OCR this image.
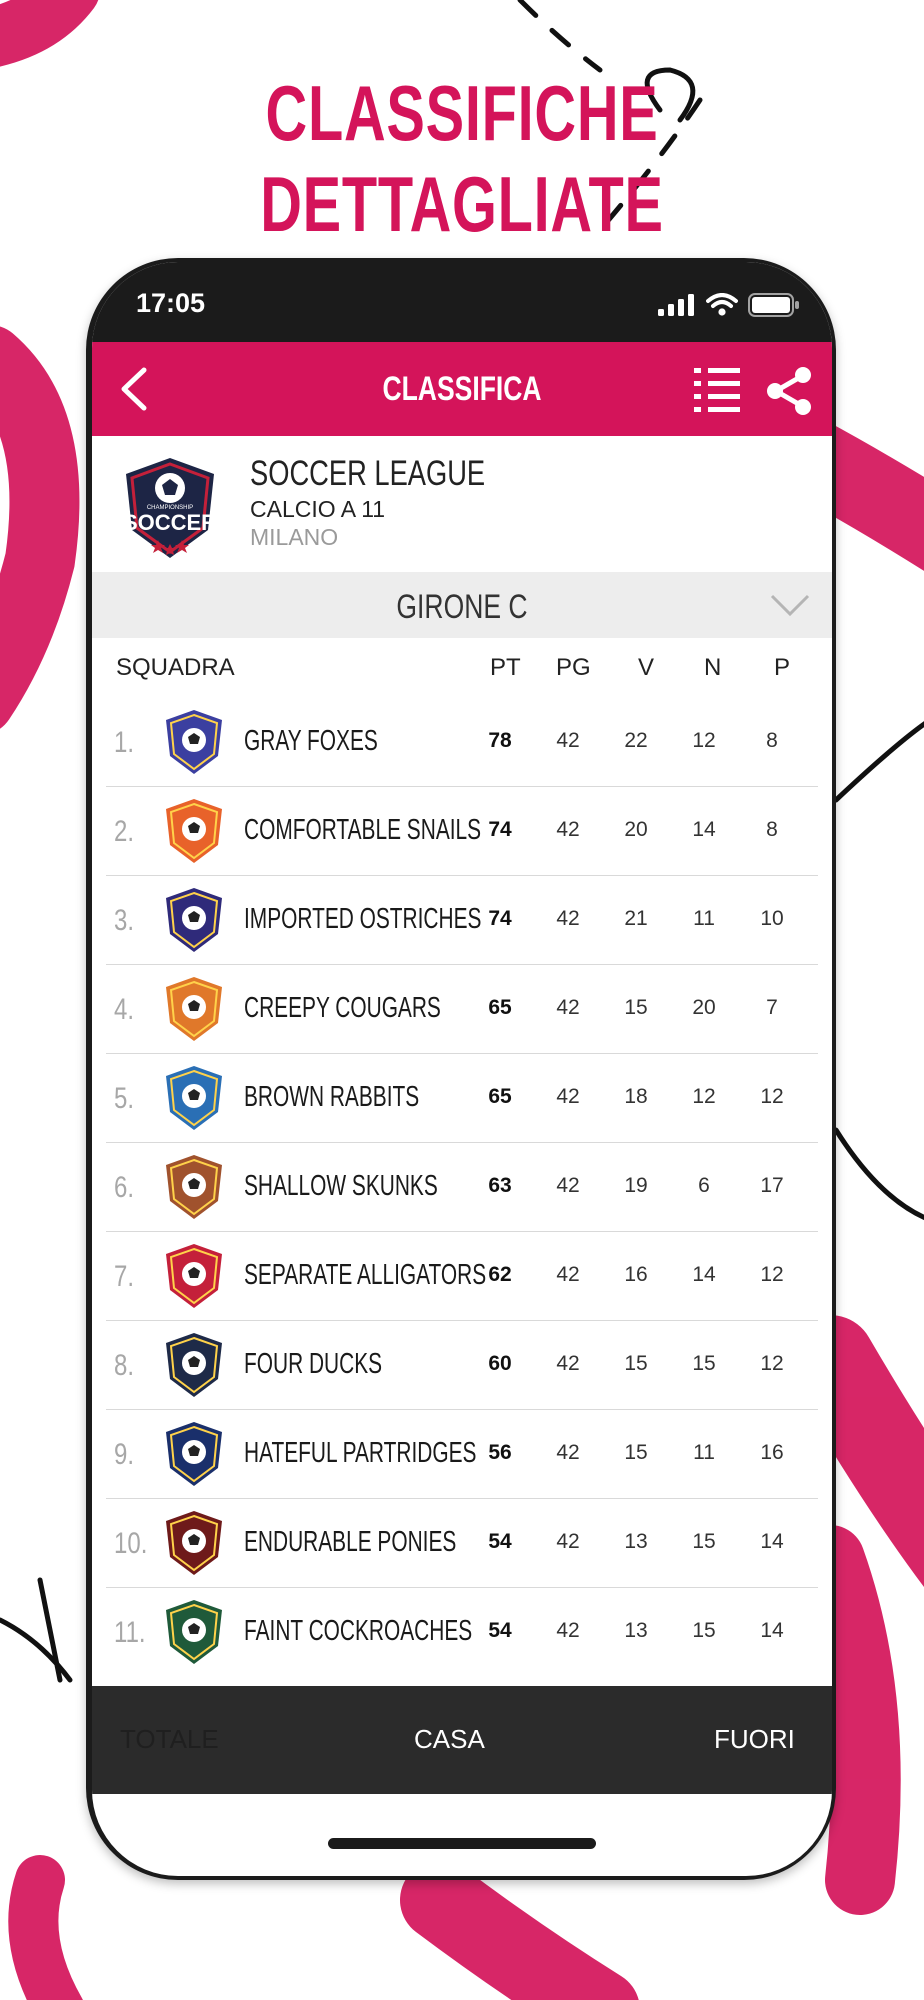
CLASSIFICHE DETTAGLIATE
17:05
CLASSIFICA
CHAMPIONSHIP
SOCCER
SOCCER LEAGUE
CALCIO A 11
MILANO
GIRONE C
SQUADRA	PT PG V N P
1.	GRAY FOXES	78	42	22	12	8
2.	COMFORTABLE SNAILS 74	42	20	14	8
3.	IMPORTED OSTRICHES 74	42	21	11	10
4.	CREEPY COUGARS	65	42	15	20	7
5.	BROWN RABBITS	65	42	18	12	12
6.	SHALLOW SKUNKS	63	42	19	6	17
7.	SEPARATE ALLIGATORS 62	42	16	14	12
8.	FOUR DUCKS	60	42	15	15	12
9.	HATEFUL PARTRIDGES 56	42	15	11	16
10.	ENDURABLE PONIES	54	42	13	15	14
11.	FAINT COCKROACHES 54	42	13	15	14
TOTALE	CASA	FUORI
